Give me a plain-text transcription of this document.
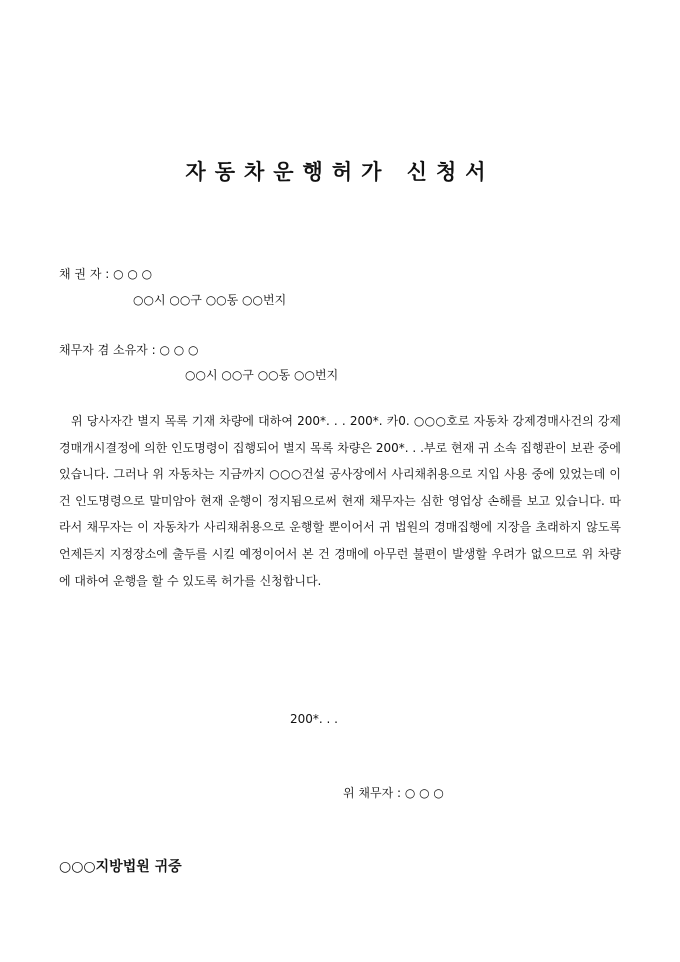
자동차운행허가 신청서
채 권 자 : ○ ○ ○
○○시 ○○구 ○○동 ○○번지
채무자 겸 소유자 : ○ ○ ○
○○시 ○○구 ○○동 ○○번지
위 당사자간 별지 목록 기재 차량에 대하여 200*. . . 200*. 카0. ○○○호로 자동차 강제경매사건의 강제경매개시결정에 의한 인도명령이 집행되어 별지 목록 차량은 200*. . .부로 현재 귀 소속 집행관이 보관 중에 있습니다. 그러나 위 자동차는 지금까지 ○○○건설 공사장에서 사리채취용으로 지입 사용 중에 있었는데 이 건 인도명령으로 말미암아 현재 운행이 정지됨으로써 현재 채무자는 심한 영업상 손해를 보고 있습니다. 따라서 채무자는 이 자동차가 사리채취용으로 운행할 뿐이어서 귀 법원의 경매집행에 지장을 초래하지 않도록 언제든지 지정장소에 출두를 시킬 예정이어서 본 건 경매에 아무런 불편이 발생할 우려가 없으므로 위 차량에 대하여 운행을 할 수 있도록 허가를 신청합니다.
200*. . .
위 채무자 : ○ ○ ○
○○○지방법원 귀중
